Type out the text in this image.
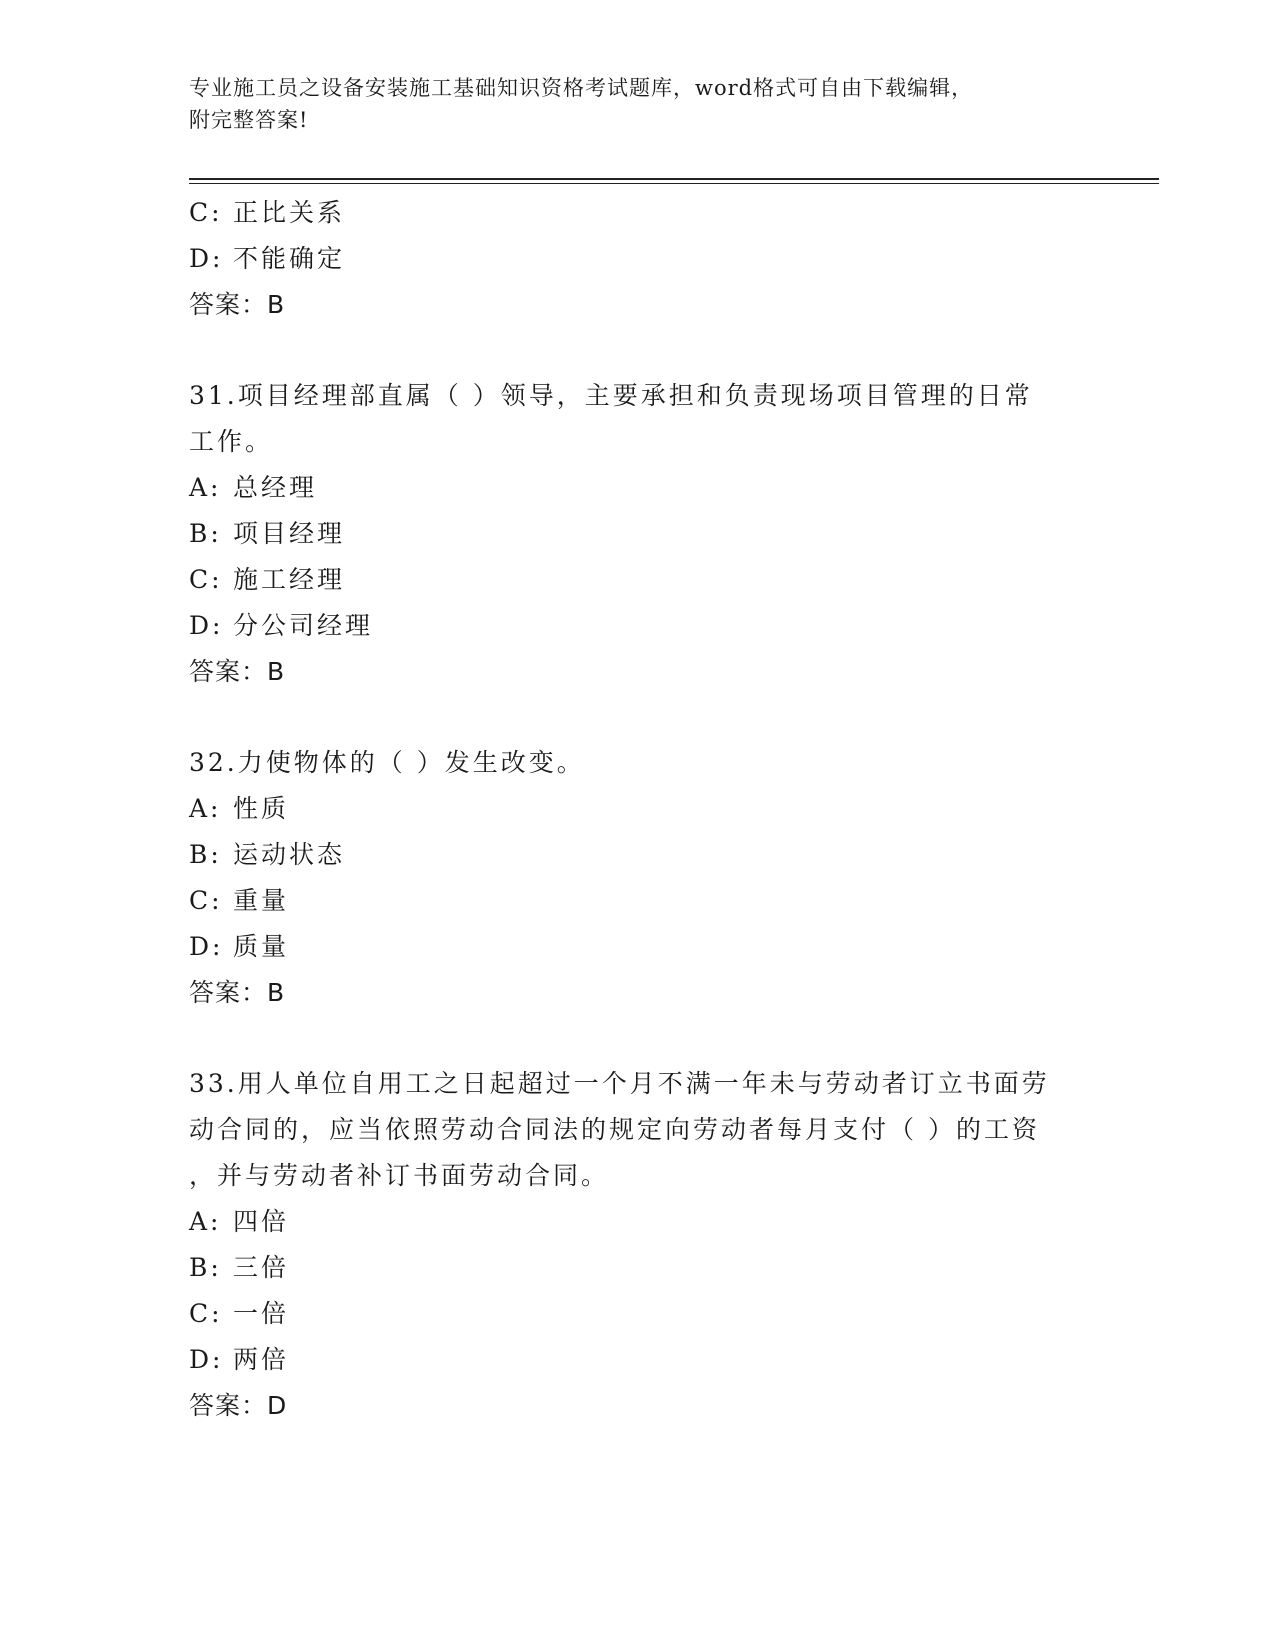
专业施工员之设备安装施工基础知识资格考试题库，word格式可自由下载编辑，
附完整答案!
C: 正比关系
D: 不能确定
答案：B
31.项目经理部直属（ ）领导，主要承担和负责现场项目管理的日常
工作。
A: 总经理
B: 项目经理
C: 施工经理
D: 分公司经理
答案：B
32.力使物体的（ ）发生改变。
A: 性质
B: 运动状态
C: 重量
D: 质量
答案：B
33.用人单位自用工之日起超过一个月不满一年未与劳动者订立书面劳
动合同的，应当依照劳动合同法的规定向劳动者每月支付（ ）的工资
，并与劳动者补订书面劳动合同。
A: 四倍
B: 三倍
C: 一倍
D: 两倍
答案：D
